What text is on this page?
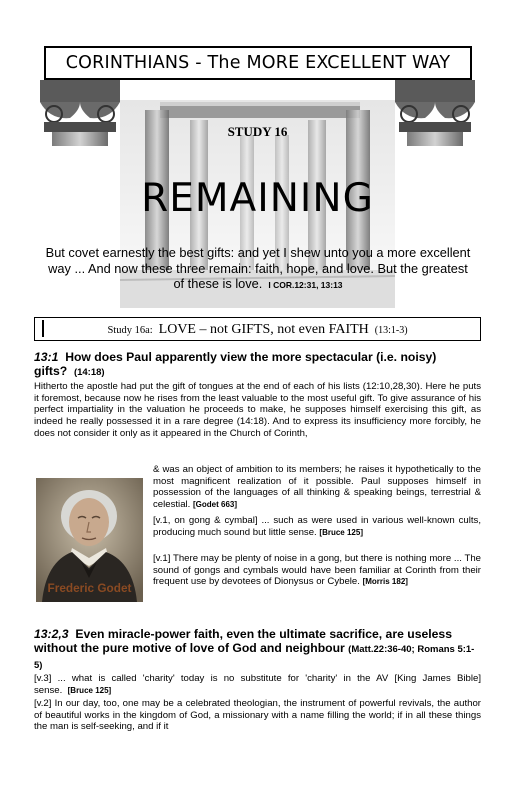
CORINTHIANS - The MORE EXCELLENT WAY
STUDY 16
REMAINING
But covet earnestly the best gifts: and yet I shew unto you a more excellent way ... And now these three remain: faith, hope, and love. But the greatest of these is love. I COR.12:31, 13:13
Study 16a: LOVE – not GIFTS, not even FAITH (13:1-3)
13:1 How does Paul apparently view the more spectacular (i.e. noisy) gifts? (14:18)
Hitherto the apostle had put the gift of tongues at the end of each of his lists (12:10,28,30). Here he puts it foremost, because now he rises from the least valuable to the most useful gift. To give assurance of his perfect impartiality in the valuation he proceeds to make, he supposes himself exercising this gift, as indeed he really possessed it in a rare degree (14:18). And to express its insufficiency more forcibly, he does not consider it only as it appeared in the Church of Corinth,
& was an object of ambition to its members; he raises it hypothetically to the most magnificent realization of it possible. Paul supposes himself in possession of the languages of all thinking & speaking beings, terrestrial & celestial. [Godet 663]
[v.1, on gong & cymbal] ... such as were used in various well-known cults, producing much sound but little sense. [Bruce 125]
[v.1] There may be plenty of noise in a gong, but there is nothing more ... The sound of gongs and cymbals would have been familiar at Corinth from their frequent use by devotees of Dionysus or Cybele. [Morris 182]
Frederic Godet
13:2,3 Even miracle-power faith, even the ultimate sacrifice, are useless without the pure motive of love of God and neighbour (Matt.22:36-40; Romans 5:1-5)
[v.3] ... what is called 'charity' today is no substitute for 'charity' in the AV [King James Bible] sense. [Bruce 125]
[v.2] In our day, too, one may be a celebrated theologian, the instrument of powerful revivals, the author of beautiful works in the kingdom of God, a missionary with a name filling the world; if in all these things the man is self-seeking, and if it
